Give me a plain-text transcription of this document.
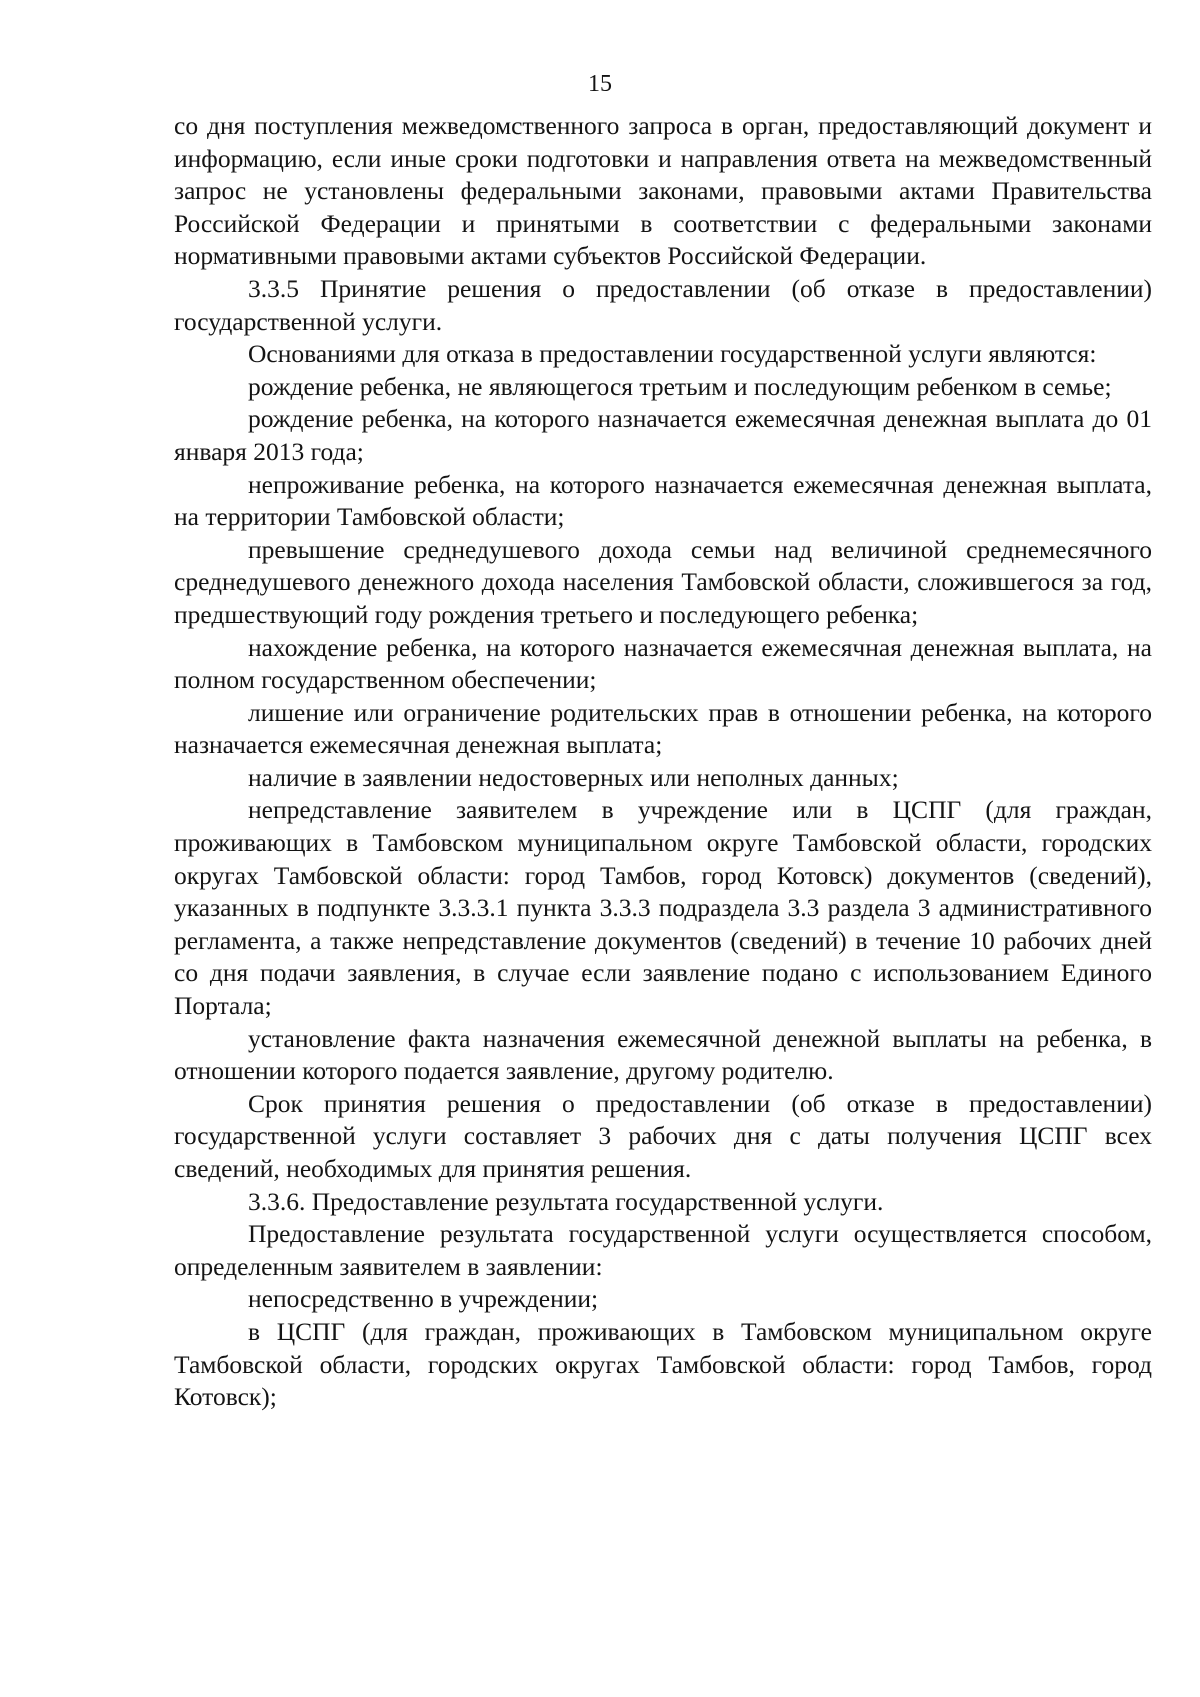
15

со дня поступления межведомственного запроса в орган, предоставляющий документ и информацию, если иные сроки подготовки и направления ответа на межведомственный запрос не установлены федеральными законами, правовыми актами Правительства Российской Федерации и принятыми в соответствии с федеральными законами нормативными правовыми актами субъектов Российской Федерации.

3.3.5 Принятие решения о предоставлении (об отказе в предоставлении) государственной услуги.

Основаниями для отказа в предоставлении государственной услуги являются:

рождение ребенка, не являющегося третьим и последующим ребенком в семье;

рождение ребенка, на которого назначается ежемесячная денежная выплата до 01 января 2013 года;

непроживание ребенка, на которого назначается ежемесячная денежная выплата, на территории Тамбовской области;

превышение среднедушевого дохода семьи над величиной среднемесячного среднедушевого денежного дохода населения Тамбовской области, сложившегося за год, предшествующий году рождения третьего и последующего ребенка;

нахождение ребенка, на которого назначается ежемесячная денежная выплата, на полном государственном обеспечении;

лишение или ограничение родительских прав в отношении ребенка, на которого назначается ежемесячная денежная выплата;

наличие в заявлении недостоверных или неполных данных;

непредставление заявителем в учреждение или в ЦСПГ (для граждан, проживающих в Тамбовском муниципальном округе Тамбовской области, городских округах Тамбовской области: город Тамбов, город Котовск) документов (сведений), указанных в подпункте 3.3.3.1 пункта 3.3.3 подраздела 3.3 раздела 3 административного регламента, а также непредставление документов (сведений) в течение 10 рабочих дней со дня подачи заявления, в случае если заявление подано с использованием Единого Портала;

установление факта назначения ежемесячной денежной выплаты на ребенка, в отношении которого подается заявление, другому родителю.

Срок принятия решения о предоставлении (об отказе в предоставлении) государственной услуги составляет 3 рабочих дня с даты получения ЦСПГ всех сведений, необходимых для принятия решения.

3.3.6. Предоставление результата государственной услуги.

Предоставление результата государственной услуги осуществляется способом, определенным заявителем в заявлении:

непосредственно в учреждении;

в ЦСПГ (для граждан, проживающих в Тамбовском муниципальном округе Тамбовской области, городских округах Тамбовской области: город Тамбов, город Котовск);
